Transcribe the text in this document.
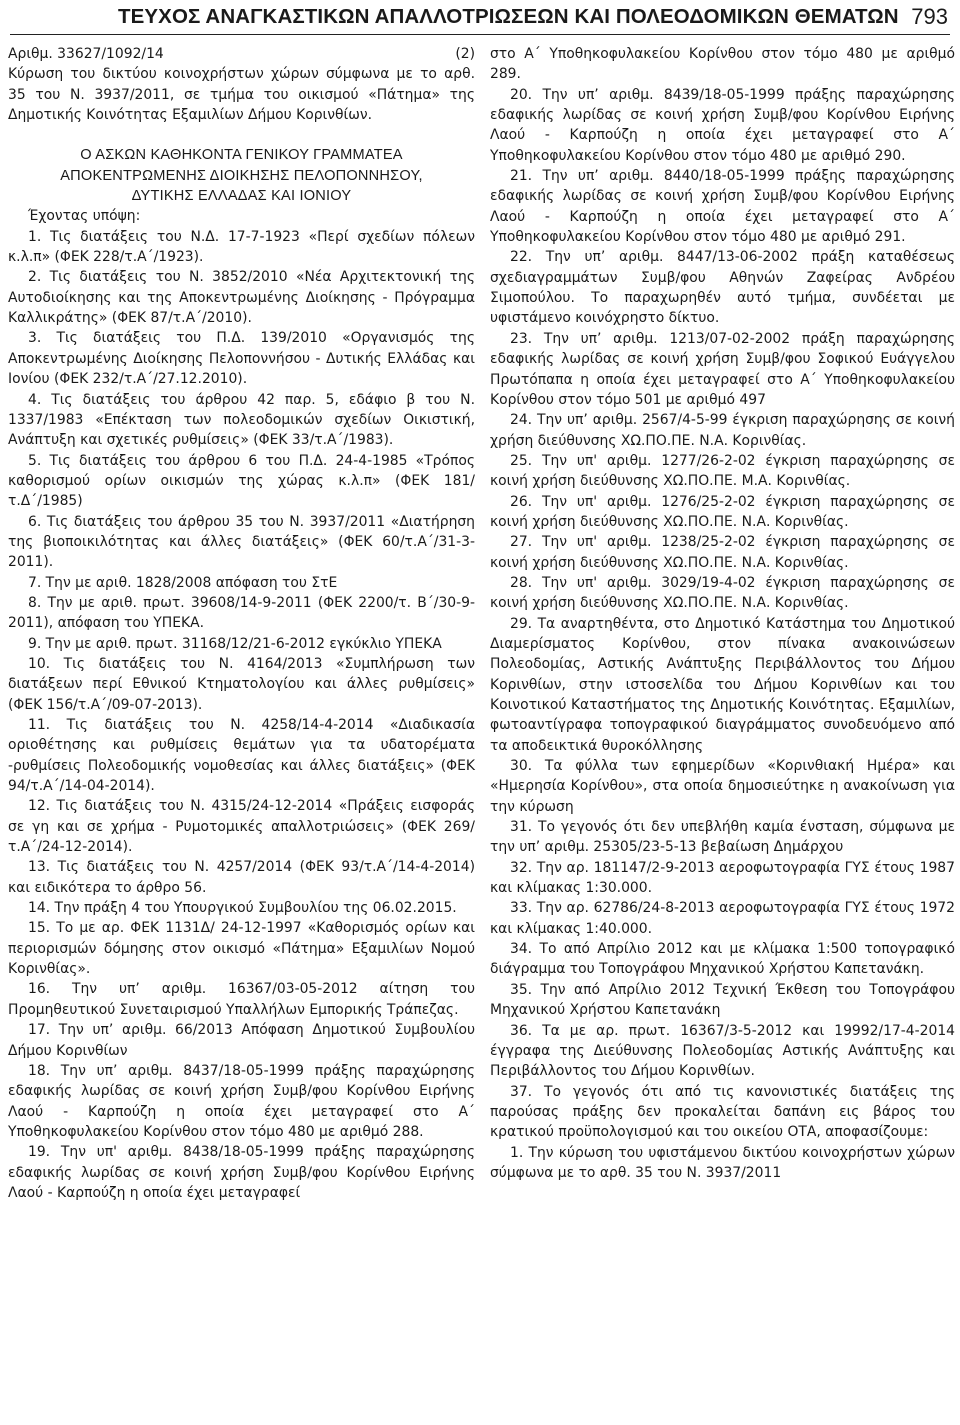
ΤΕΥΧΟΣ ΑΝΑΓΚΑΣΤΙΚΩΝ ΑΠΑΛΛΟΤΡΙΩΣΕΩΝ ΚΑΙ ΠΟΛΕΟΔΟΜΙΚΩΝ ΘΕΜΑΤΩΝ 793

Αριθμ. 33627/1092/14	(2)

Κύρωση του δικτύου κοινοχρήστων χώρων σύμφωνα με το αρθ. 35 του Ν. 3937/2011, σε τμήμα του οικισμού «Πάτημα» της Δημοτικής Κοινότητας Εξαμιλίων Δήμου Κορινθίων.

Ο ΑΣΚΩΝ ΚΑΘΗΚΟΝΤΑ ΓΕΝΙΚΟΥ ΓΡΑΜΜΑΤΕΑ

ΑΠΟΚΕΝΤΡΩΜΕΝΗΣ ΔΙΟΙΚΗΣΗΣ ΠΕΛΟΠΟΝΝΗΣΟΥ,

ΔΥΤΙΚΗΣ ΕΛΛΑΔΑΣ ΚΑΙ ΙΟΝΙΟΥ

Έχοντας υπόψη:

1. Τις διατάξεις του Ν.Δ. 17-7-1923 «Περί σχεδίων πόλεων κ.λ.π» (ΦΕΚ 228/τ.Α΄/1923).

2. Τις διατάξεις του Ν. 3852/2010 «Νέα Αρχιτεκτονική της Αυτοδιοίκησης και της Αποκεντρωμένης Διοίκησης - Πρόγραμμα Καλλικράτης» (ΦΕΚ 87/τ.Α΄/2010).

3. Τις διατάξεις του Π.Δ. 139/2010 «Οργανισμός της Αποκεντρωμένης Διοίκησης Πελοποννήσου - Δυτικής Ελλάδας και Ιονίου (ΦΕΚ 232/τ.Α΄/27.12.2010).

4. Τις διατάξεις του άρθρου 42 παρ. 5, εδάφιο β του Ν. 1337/1983 «Επέκταση των πολεοδομικών σχεδίων Οικιστική, Ανάπτυξη και σχετικές ρυθμίσεις» (ΦΕΚ 33/τ.Α΄/1983).

5. Τις διατάξεις του άρθρου 6 του Π.Δ. 24-4-1985 «Τρόπος καθορισμού ορίων οικισμών της χώρας κ.λ.π» (ΦΕΚ 181/τ.Δ΄/1985)

6. Τις διατάξεις του άρθρου 35 του Ν. 3937/2011 «Διατήρηση της βιοποικιλότητας και άλλες διατάξεις» (ΦΕΚ 60/τ.Α΄/31-3-2011).

7. Την με αριθ. 1828/2008 απόφαση του ΣτΕ

8. Την με αριθ. πρωτ. 39608/14-9-2011 (ΦΕΚ 2200/τ. Β΄/30-9-2011), απόφαση του ΥΠΕΚΑ.

9. Την με αριθ. πρωτ. 31168/12/21-6-2012 εγκύκλιο ΥΠΕΚΑ

10. Τις διατάξεις του Ν. 4164/2013 «Συμπλήρωση των διατάξεων περί Εθνικού Κτηματολογίου και άλλες ρυθμίσεις» (ΦΕΚ 156/τ.Α΄/09-07-2013).

11. Τις διατάξεις του Ν. 4258/14-4-2014 «Διαδικασία οριοθέτησης και ρυθμίσεις θεμάτων για τα υδατορέματα -ρυθμίσεις Πολεοδομικής νομοθεσίας και άλλες διατάξεις» (ΦΕΚ 94/τ.Α΄/14-04-2014).

12. Τις διατάξεις του Ν. 4315/24-12-2014 «Πράξεις εισφοράς σε γη και σε χρήμα - Ρυμοτομικές απαλλοτριώσεις» (ΦΕΚ 269/τ.Α΄/24-12-2014).

13. Τις διατάξεις του Ν. 4257/2014 (ΦΕΚ 93/τ.Α΄/14-4-2014) και ειδικότερα το άρθρο 56.

14. Την πράξη 4 του Υπουργικού Συμβουλίου της 06.02.2015.

15. Το με αρ. ΦΕΚ 1131Δ/ 24-12-1997 «Καθορισμός ορίων και περιορισμών δόμησης στον οικισμό «Πάτημα» Εξαμιλίων Νομού Κορινθίας».

16. Την υπ’ αριθμ. 16367/03-05-2012 αίτηση του Προμηθευτικού Συνεταιρισμού Υπαλλήλων Εμπορικής Τράπεζας.

17. Την υπ’ αριθμ. 66/2013 Απόφαση Δημοτικού Συμβουλίου Δήμου Κορινθίων

18. Την υπ’ αριθμ. 8437/18-05-1999 πράξης παραχώρησης εδαφικής λωρίδας σε κοινή χρήση Συμβ/φου Κορίνθου Ειρήνης Λαού - Καρπούζη η οποία έχει μεταγραφεί στο Α΄ Υποθηκοφυλακείου Κορίνθου στον τόμο 480 με αριθμό 288.

19. Την υπ' αριθμ. 8438/18-05-1999 πράξης παραχώρησης εδαφικής λωρίδας σε κοινή χρήση Συμβ/φου Κορίνθου Ειρήνης Λαού - Καρπούζη η οποία έχει μεταγραφεί

στο Α΄ Υποθηκοφυλακείου Κορίνθου στον τόμο 480 με αριθμό 289.

20. Την υπ’ αριθμ. 8439/18-05-1999 πράξης παραχώρησης εδαφικής λωρίδας σε κοινή χρήση Συμβ/φου Κορίνθου Ειρήνης Λαού - Καρπούζη η οποία έχει μεταγραφεί στο Α΄ Υποθηκοφυλακείου Κορίνθου στον τόμο 480 με αριθμό 290.

21. Την υπ’ αριθμ. 8440/18-05-1999 πράξης παραχώρησης εδαφικής λωρίδας σε κοινή χρήση Συμβ/φου Κορίνθου Ειρήνης Λαού - Καρπούζη η οποία έχει μεταγραφεί στο Α΄ Υποθηκοφυλακείου Κορίνθου στον τόμο 480 με αριθμό 291.

22. Την υπ’ αριθμ. 8447/13-06-2002 πράξη καταθέσεως σχεδιαγραμμάτων Συμβ/φου Αθηνών Ζαφείρας Ανδρέου Σιμοπούλου. Το παραχωρηθέν αυτό τμήμα, συνδέεται με υφιστάμενο κοινόχρηστο δίκτυο.

23. Την υπ’ αριθμ. 1213/07-02-2002 πράξη παραχώρησης εδαφικής λωρίδας σε κοινή χρήση Συμβ/φου Σοφικού Ευάγγελου Πρωτόπαπα η οποία έχει μεταγραφεί στο Α΄ Υποθηκοφυλακείου Κορίνθου στον τόμο 501 με αριθμό 497

24. Την υπ’ αριθμ. 2567/4-5-99 έγκριση παραχώρησης σε κοινή χρήση διεύθυνσης ΧΩ.ΠΟ.ΠΕ. Ν.Α. Κορινθίας.

25. Την υπ' αριθμ. 1277/26-2-02 έγκριση παραχώρησης σε κοινή χρήση διεύθυνσης ΧΩ.ΠΟ.ΠΕ. Μ.Α. Κορινθίας.

26. Την υπ' αριθμ. 1276/25-2-02 έγκριση παραχώρησης σε κοινή χρήση διεύθυνσης ΧΩ.ΠΟ.ΠΕ. Ν.Α. Κορινθίας.

27. Την υπ' αριθμ. 1238/25-2-02 έγκριση παραχώρησης σε κοινή χρήση διεύθυνσης ΧΩ.ΠΟ.ΠΕ. Ν.Α. Κορινθίας.

28. Την υπ' αριθμ. 3029/19-4-02 έγκριση παραχώρησης σε κοινή χρήση διεύθυνσης ΧΩ.ΠΟ.ΠΕ. Ν.Α. Κορινθίας.

29. Τα αναρτηθέντα, στο Δημοτικό Κατάστημα του Δημοτικού Διαμερίσματος Κορίνθου, στον πίνακα ανακοινώσεων Πολεοδομίας, Αστικής Ανάπτυξης Περιβάλλοντος του Δήμου Κορινθίων, στην ιστοσελίδα του Δήμου Κορινθίων και του Κοινοτικού Καταστήματος της Δημοτικής Κοινότητας. Εξαμιλίων, φωτοαντίγραφα τοπογραφικού διαγράμματος συνοδευόμενο από τα αποδεικτικά θυροκόλλησης

30. Τα φύλλα των εφημερίδων «Κορινθιακή Ημέρα» και «Ημερησία Κορίνθου», στα οποία δημοσιεύτηκε η ανακοίνωση για την κύρωση

31. Το γεγονός ότι δεν υπεβλήθη καμία ένσταση, σύμφωνα με την υπ’ αριθμ. 25305/23-5-13 βεβαίωση Δημάρχου

32. Την αρ. 181147/2-9-2013 αεροφωτογραφία ΓΥΣ έτους 1987 και κλίμακας 1:30.000.

33. Την αρ. 62786/24-8-2013 αεροφωτογραφία ΓΥΣ έτους 1972 και κλίμακας 1:40.000.

34. Το από Απρίλιο 2012 και με κλίμακα 1:500 τοπογραφικό διάγραμμα του Τοπογράφου Μηχανικού Χρήστου Καπετανάκη.

35. Την από Απρίλιο 2012 Τεχνική Έκθεση του Τοπογράφου Μηχανικού Χρήστου Καπετανάκη

36. Τα με αρ. πρωτ. 16367/3-5-2012 και 19992/17-4-2014 έγγραφα της Διεύθυνσης Πολεοδομίας Αστικής Ανάπτυξης και Περιβάλλοντος του Δήμου Κορινθίων.

37. Το γεγονός ότι από τις κανονιστικές διατάξεις της παρούσας πράξης δεν προκαλείται δαπάνη εις βάρος του κρατικού προϋπολογισμού και του οικείου ΟΤΑ, αποφασίζουμε:

1. Την κύρωση του υφιστάμενου δικτύου κοινοχρήστων χώρων σύμφωνα με το αρθ. 35 του Ν. 3937/2011
